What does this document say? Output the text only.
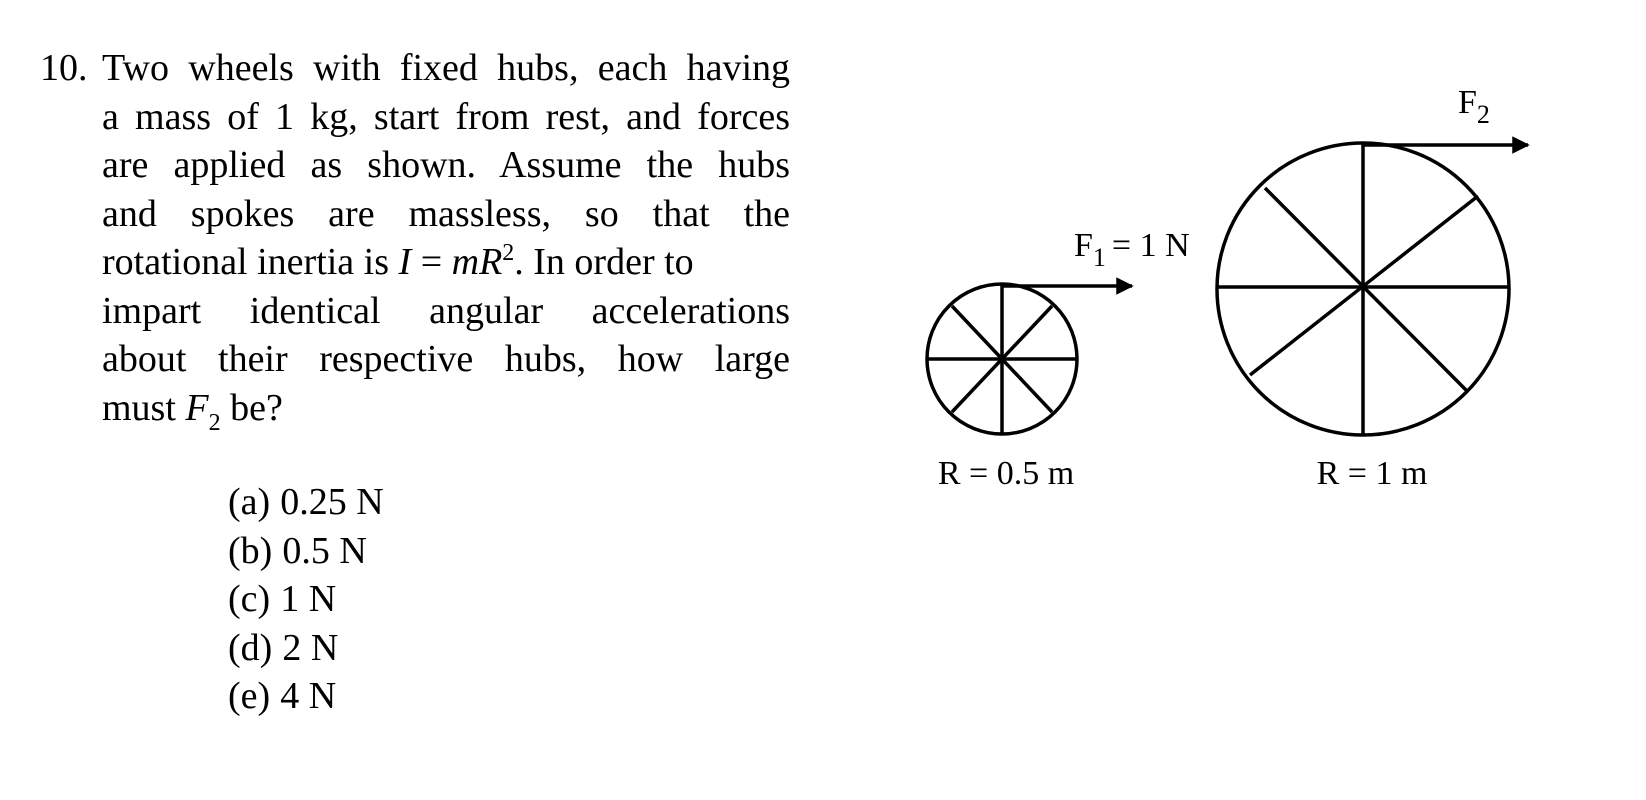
10. Two wheels with fixed hubs, each having
a mass of 1 kg, start from rest, and forces
are applied as shown. Assume the hubs
and spokes are massless, so that the
rotational inertia is $I = mR^2$. In order to
impart identical angular accelerations
about their respective hubs, how large
must $F_2$ be?
(a) 0.25 N
(b) 0.5 N
(c) 1 N
(d) 2 N
(e) 4 N
$F_1 = 1$ N
R = 0.5 m
$F_2$
R = 1 m
